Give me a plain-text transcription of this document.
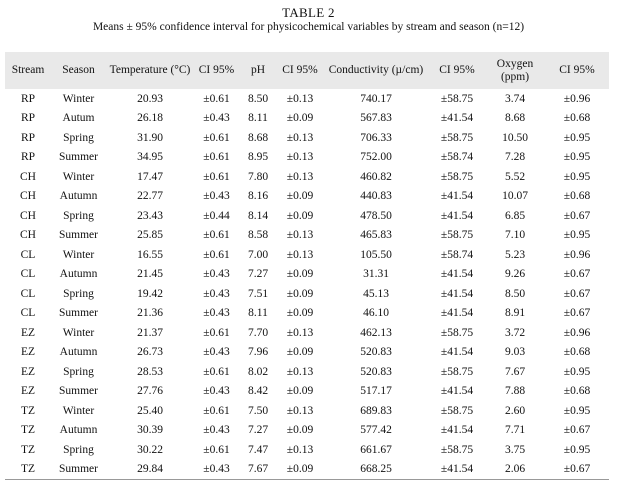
TABLE 2
Means ± 95% confidence interval for physicochemical variables by stream and season (n=12)
Stream	Season	Temperature (°C)	CI 95%	pH	CI 95%	Conductivity (µ/cm)	CI 95%	Oxygen (ppm)	CI 95%
RP	Winter	20.93	±0.61	8.50	±0.13	740.17	±58.75	3.74	±0.96
RP	Autum	26.18	±0.43	8.11	±0.09	567.83	±41.54	8.68	±0.68
RP	Spring	31.90	±0.61	8.68	±0.13	706.33	±58.75	10.50	±0.95
RP	Summer	34.95	±0.61	8.95	±0.13	752.00	±58.74	7.28	±0.95
CH	Winter	17.47	±0.61	7.80	±0.13	460.82	±58.75	5.52	±0.95
CH	Autumn	22.77	±0.43	8.16	±0.09	440.83	±41.54	10.07	±0.68
CH	Spring	23.43	±0.44	8.14	±0.09	478.50	±41.54	6.85	±0.67
CH	Summer	25.85	±0.61	8.58	±0.13	465.83	±58.75	7.10	±0.95
CL	Winter	16.55	±0.61	7.00	±0.13	105.50	±58.74	5.23	±0.96
CL	Autumn	21.45	±0.43	7.27	±0.09	31.31	±41.54	9.26	±0.67
CL	Spring	19.42	±0.43	7.51	±0.09	45.13	±41.54	8.50	±0.67
CL	Summer	21.36	±0.43	8.11	±0.09	46.10	±41.54	8.91	±0.67
EZ	Winter	21.37	±0.61	7.70	±0.13	462.13	±58.75	3.72	±0.96
EZ	Autumn	26.73	±0.43	7.96	±0.09	520.83	±41.54	9.03	±0.68
EZ	Spring	28.53	±0.61	8.02	±0.13	520.83	±58.75	7.67	±0.95
EZ	Summer	27.76	±0.43	8.42	±0.09	517.17	±41.54	7.88	±0.68
TZ	Winter	25.40	±0.61	7.50	±0.13	689.83	±58.75	2.60	±0.95
TZ	Autumn	30.39	±0.43	7.27	±0.09	577.42	±41.54	7.71	±0.67
TZ	Spring	30.22	±0.61	7.47	±0.13	661.67	±58.75	3.75	±0.95
TZ	Summer	29.84	±0.43	7.67	±0.09	668.25	±41.54	2.06	±0.67
